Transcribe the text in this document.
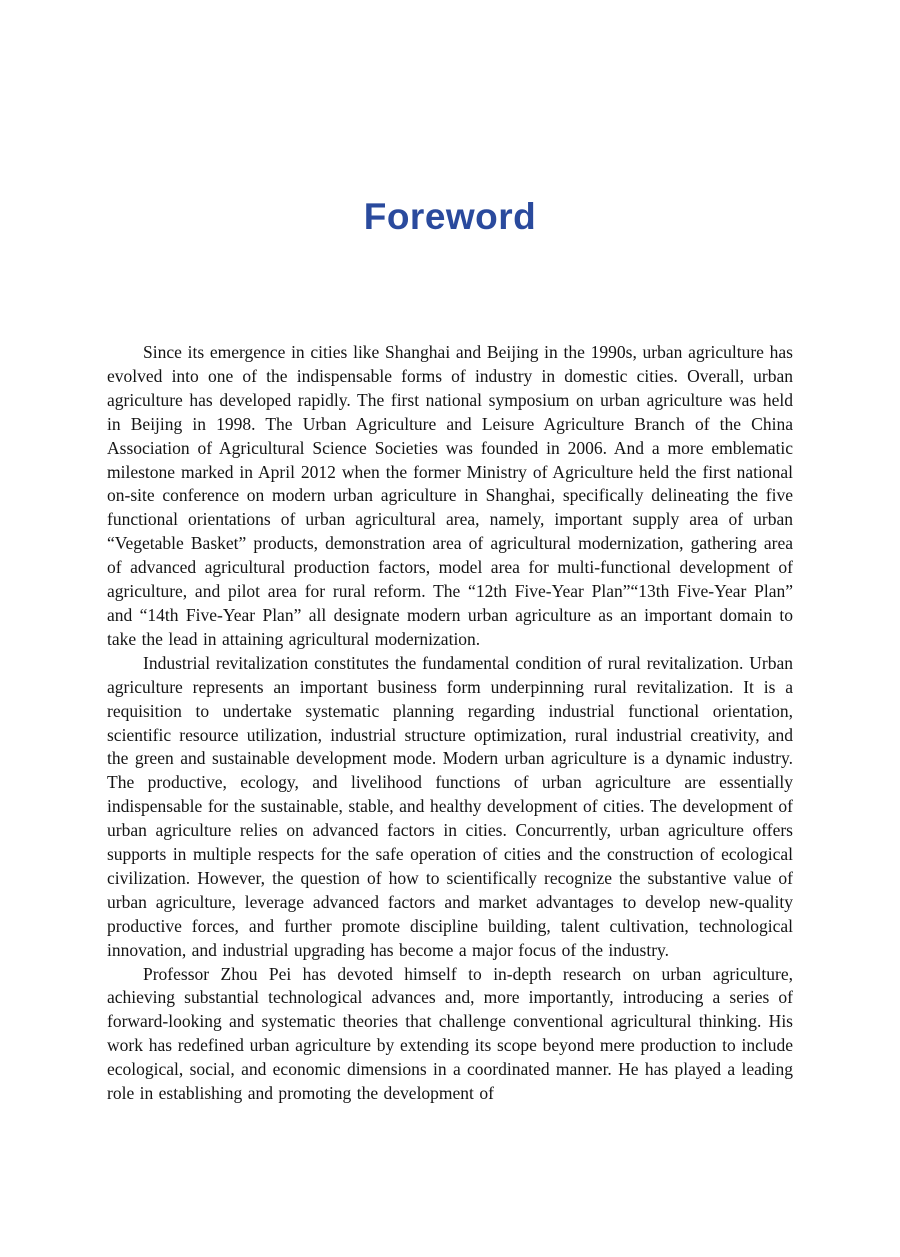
Foreword

Since its emergence in cities like Shanghai and Beijing in the 1990s, urban agriculture has evolved into one of the indispensable forms of industry in domestic cities. Overall, urban agriculture has developed rapidly. The first national symposium on urban agriculture was held in Beijing in 1998. The Urban Agriculture and Leisure Agriculture Branch of the China Association of Agricultural Science Societies was founded in 2006. And a more emblematic milestone marked in April 2012 when the former Ministry of Agriculture held the first national on-site conference on modern urban agriculture in Shanghai, specifically delineating the five functional orientations of urban agricultural area, namely, important supply area of urban “Vegetable Basket” products, demonstration area of agricultural modernization, gathering area of advanced agricultural production factors, model area for multi-functional development of agriculture, and pilot area for rural reform. The “12th Five-Year Plan”“13th Five-Year Plan” and “14th Five-Year Plan” all designate modern urban agriculture as an important domain to take the lead in attaining agricultural modernization.

Industrial revitalization constitutes the fundamental condition of rural revitalization. Urban agriculture represents an important business form underpinning rural revitalization. It is a requisition to undertake systematic planning regarding industrial functional orientation, scientific resource utilization, industrial structure optimization, rural industrial creativity, and the green and sustainable development mode. Modern urban agriculture is a dynamic industry. The productive, ecology, and livelihood functions of urban agriculture are essentially indispensable for the sustainable, stable, and healthy development of cities. The development of urban agriculture relies on advanced factors in cities. Concurrently, urban agriculture offers supports in multiple respects for the safe operation of cities and the construction of ecological civilization. However, the question of how to scientifically recognize the substantive value of urban agriculture, leverage advanced factors and market advantages to develop new-quality productive forces, and further promote discipline building, talent cultivation, technological innovation, and industrial upgrading has become a major focus of the industry.

Professor Zhou Pei has devoted himself to in-depth research on urban agriculture, achieving substantial technological advances and, more importantly, introducing a series of forward-looking and systematic theories that challenge conventional agricultural thinking. His work has redefined urban agriculture by extending its scope beyond mere production to include ecological, social, and economic dimensions in a coordinated manner. He has played a leading role in establishing and promoting the development of
